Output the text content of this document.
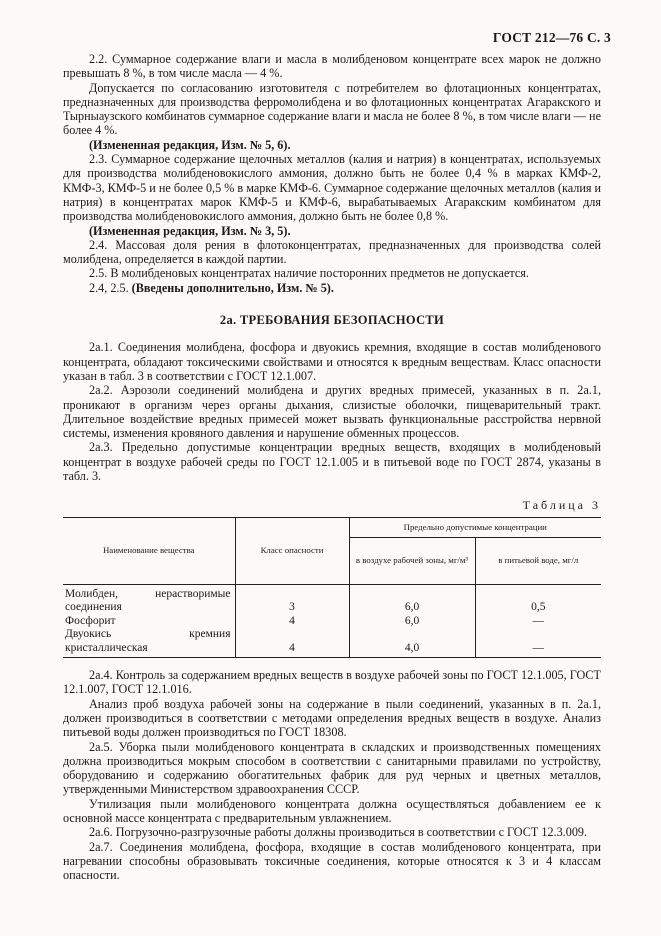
ГОСТ 212—76 С. 3

2.2. Суммарное содержание влаги и масла в молибденовом концентрате всех марок не должно превышать 8 %, в том числе масла — 4 %.

Допускается по согласованию изготовителя с потребителем во флотационных концентратах, предназначенных для производства ферромолибдена и во флотационных концентратах Агаракского и Тырныаузского комбинатов суммарное содержание влаги и масла не более 8 %, в том числе влаги — не более 4 %.

(Измененная редакция, Изм. № 5, 6).

2.3. Суммарное содержание щелочных металлов (калия и натрия) в концентратах, используемых для производства молибденовокислого аммония, должно быть не более 0,4 % в марках КМФ-2, КМФ-3, КМФ-5 и не более 0,5 % в марке КМФ-6. Суммарное содержание щелочных металлов (калия и натрия) в концентратах марок КМФ-5 и КМФ-6, вырабатываемых Агаракским комбинатом для производства молибденовокислого аммония, должно быть не более 0,8 %.

(Измененная редакция, Изм. № 3, 5).

2.4. Массовая доля рения в флотоконцентратах, предназначенных для производства солей молибдена, определяется в каждой партии.

2.5. В молибденовых концентратах наличие посторонних предметов не допускается.

2.4, 2.5. (Введены дополнительно, Изм. № 5).

2а. ТРЕБОВАНИЯ БЕЗОПАСНОСТИ

2а.1. Соединения молибдена, фосфора и двуокись кремния, входящие в состав молибденового концентрата, обладают токсическими свойствами и относятся к вредным веществам. Класс опасности указан в табл. 3 в соответствии с ГОСТ 12.1.007.

2а.2. Аэрозоли соединений молибдена и других вредных примесей, указанных в п. 2а.1, проникают в организм через органы дыхания, слизистые оболочки, пищеварительный тракт. Длительное воздействие вредных примесей может вызвать функциональные расстройства нервной системы, изменения кровяного давления и нарушение обменных процессов.

2а.3. Предельно допустимые концентрации вредных веществ, входящих в молибденовый концентрат в воздухе рабочей среды по ГОСТ 12.1.005 и в питьевой воде по ГОСТ 2874, указаны в табл. 3.

Таблица 3
Наименование вещества	Класс опасности	Предельно допустимые концентрации	
		в воздухе рабочей зоны, мг/м³	в питьевой воде, мг/л
Молибден, нерастворимые соединения	3	6,0	0,5
Фосфорит	4	6,0	—
Двуокись кремния кристаллическая	4	4,0	—

2а.4. Контроль за содержанием вредных веществ в воздухе рабочей зоны по ГОСТ 12.1.005, ГОСТ 12.1.007, ГОСТ 12.1.016.

Анализ проб воздуха рабочей зоны на содержание в пыли соединений, указанных в п. 2а.1, должен производиться в соответствии с методами определения вредных веществ в воздухе. Анализ питьевой воды должен производиться по ГОСТ 18308.

2а.5. Уборка пыли молибденового концентрата в складских и производственных помещениях должна производиться мокрым способом в соответствии с санитарными правилами по устройству, оборудованию и содержанию обогатительных фабрик для руд черных и цветных металлов, утвержденными Министерством здравоохранения СССР.

Утилизация пыли молибденового концентрата должна осуществляться добавлением ее к основной массе концентрата с предварительным увлажнением.

2а.6. Погрузочно-разгрузочные работы должны производиться в соответствии с ГОСТ 12.3.009.

2а.7. Соединения молибдена, фосфора, входящие в состав молибденового концентрата, при нагревании способны образовывать токсичные соединения, которые относятся к 3 и 4 классам опасности.
